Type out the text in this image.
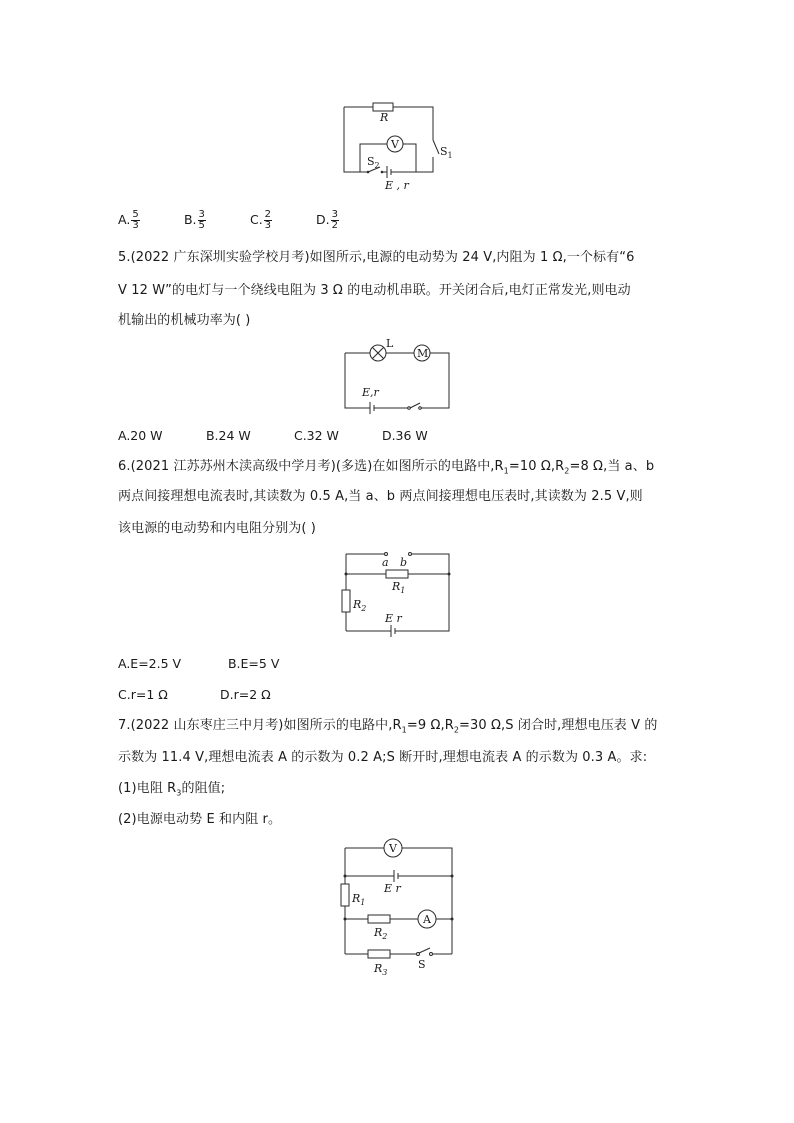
R
$S_1$
V
$S_2$
E , r
A. $\frac{5}{3}$	B. $\frac{3}{5}$	C. $\frac{2}{3}$	D. $\frac{3}{2}$
5.(2022 广东深圳实验学校月考)如图所示,电源的电动势为 24 V,内阻为 1 Ω,一个标有“6
V 12 W”的电灯与一个绕线电阻为 3 Ω 的电动机串联。开关闭合后,电灯正常发光,则电动
机输出的机械功率为( )
L
M
E,r
A.20 W	B.24 W	C.32 W	D.36 W
6.(2021 江苏苏州木渎高级中学月考)(多选)在如图所示的电路中$,R_1=10$ $\Omega,R_2=8$ Ω,当 a、b
两点间接理想电流表时,其读数为 0.5 A,当 a、b 两点间接理想电压表时,其读数为 2.5 V,则
该电源的电动势和内电阻分别为( )
a b
$R_1$
$R_2$
E r
A.E=2.5 V	B.E=5 V
C.r=1 Ω	D.r=2 Ω
7.(2022 山东枣庄三中月考)如图所示的电路中$,R_1=9$ $\Omega,R_2=30$ Ω,S 闭合时,理想电压表 V 的
示数为 11.4 V,理想电流表 A 的示数为 0.2 A;S 断开时,理想电流表 A 的示数为 0.3 A。求:
(1)电阻 $R_3$的阻值;
(2)电源电动势 E 和内阻 r。
V
E r
$R_1$
A
$R_2$
$R_3$
S
